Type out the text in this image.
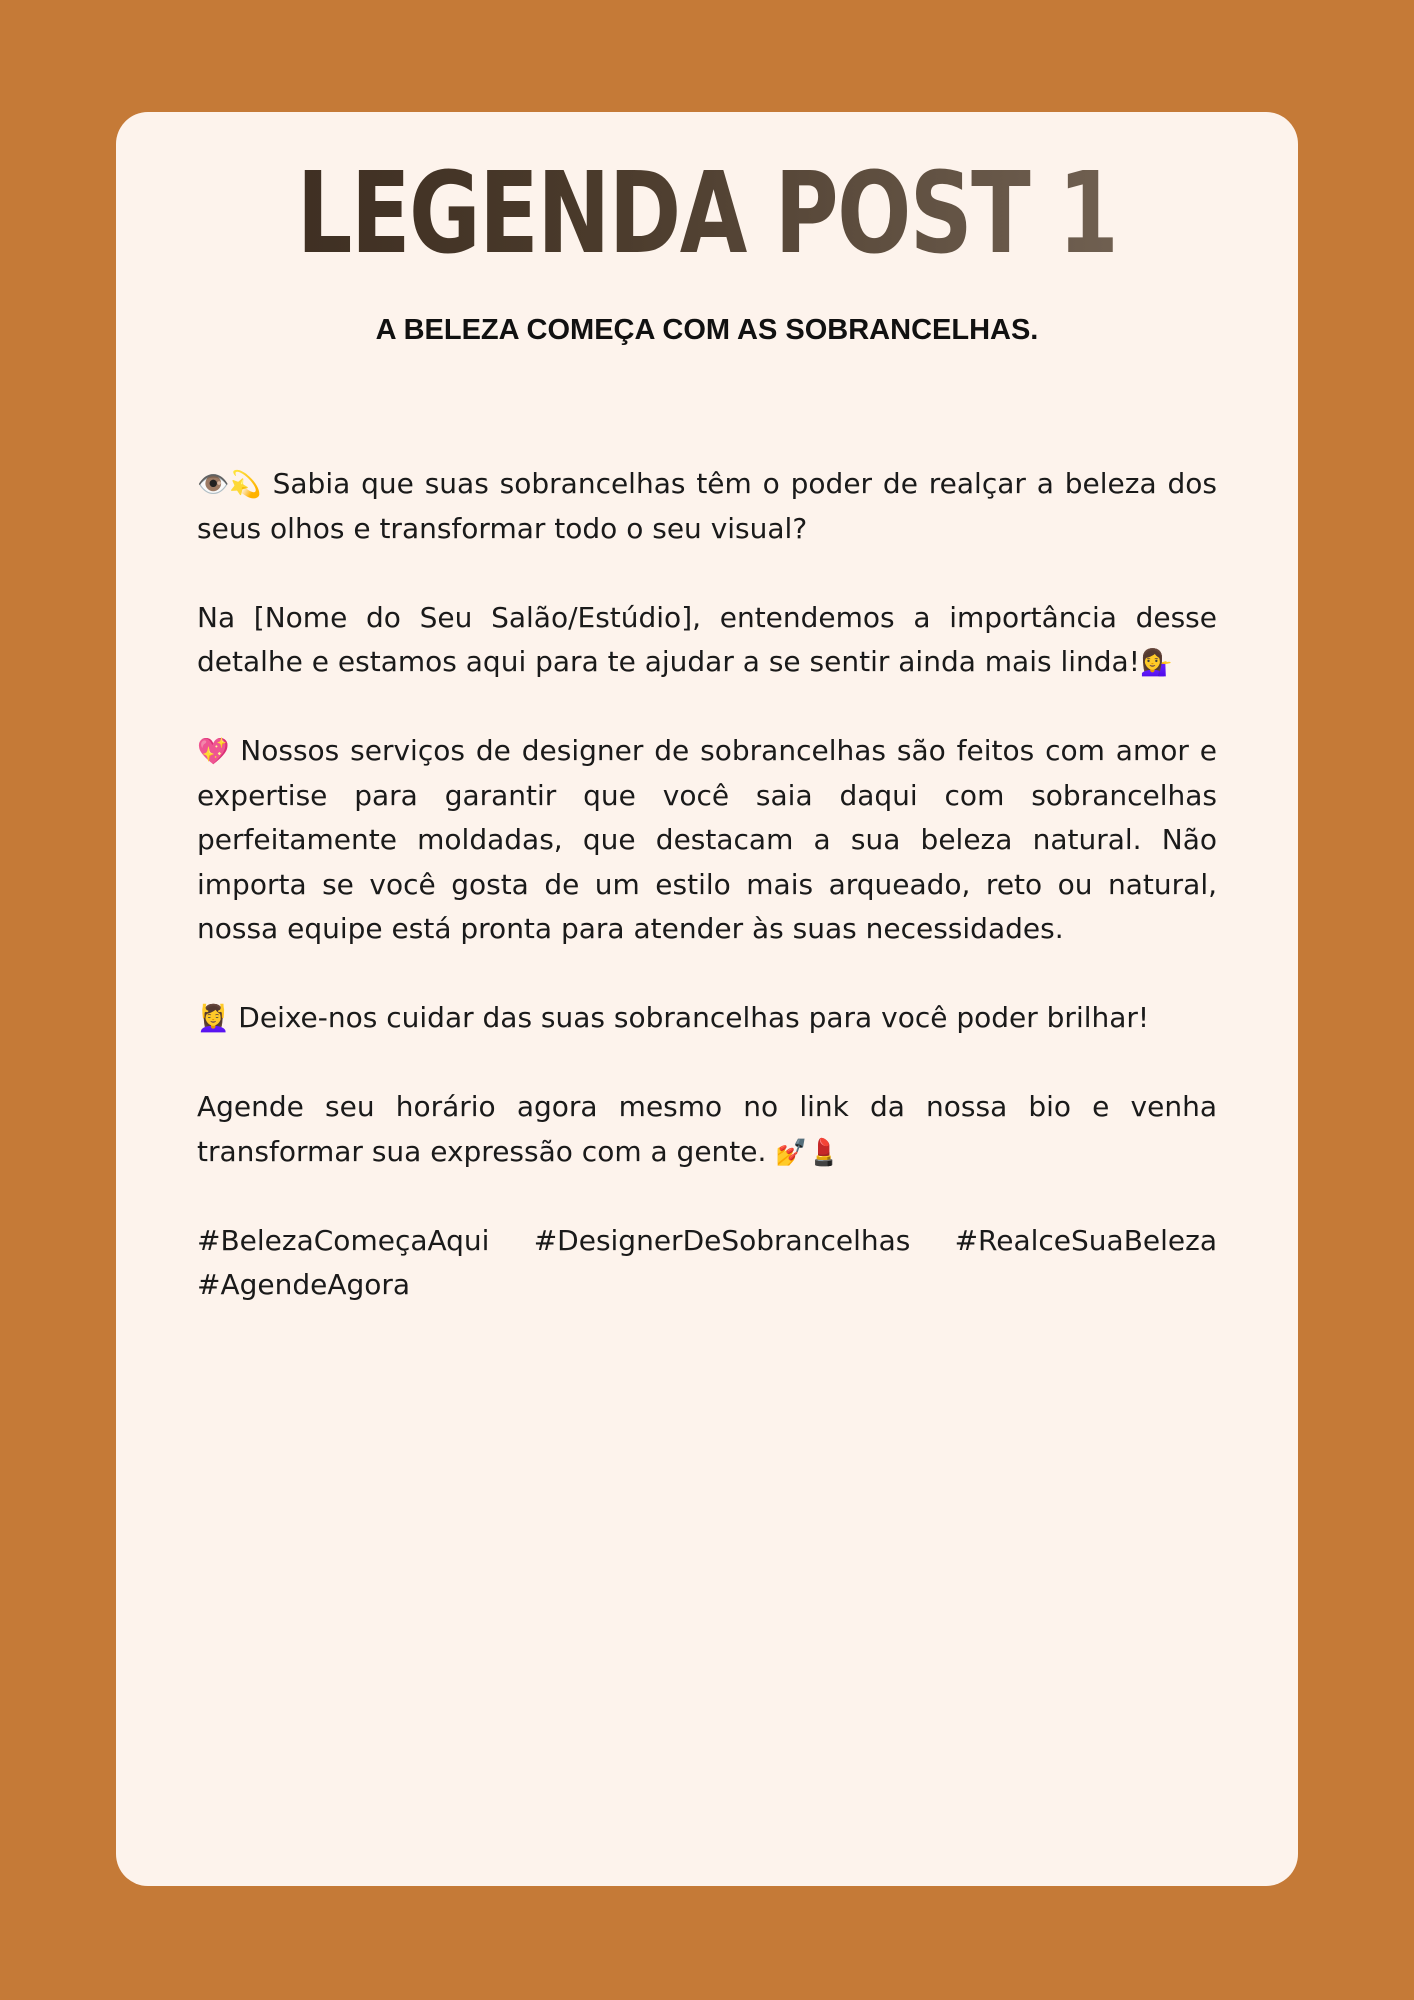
LEGENDA POST 1
A BELEZA COMEÇA COM AS SOBRANCELHAS.

👁️💫 Sabia que suas sobrancelhas têm o poder de realçar a beleza dos seus olhos e transformar todo o seu visual?

Na [Nome do Seu Salão/Estúdio], entendemos a importância desse detalhe e estamos aqui para te ajudar a se sentir ainda mais linda!💁‍♀️

💖 Nossos serviços de designer de sobrancelhas são feitos com amor e expertise para garantir que você saia daqui com sobrancelhas perfeitamente moldadas, que destacam a sua beleza natural. Não importa se você gosta de um estilo mais arqueado, reto ou natural, nossa equipe está pronta para atender às suas necessidades.

💆‍♀️ Deixe-nos cuidar das suas sobrancelhas para você poder brilhar!

Agende seu horário agora mesmo no link da nossa bio e venha transformar sua expressão com a gente. 💅💄

#BelezaComeçaAqui #DesignerDeSobrancelhas #RealceSuaBeleza #AgendeAgora
